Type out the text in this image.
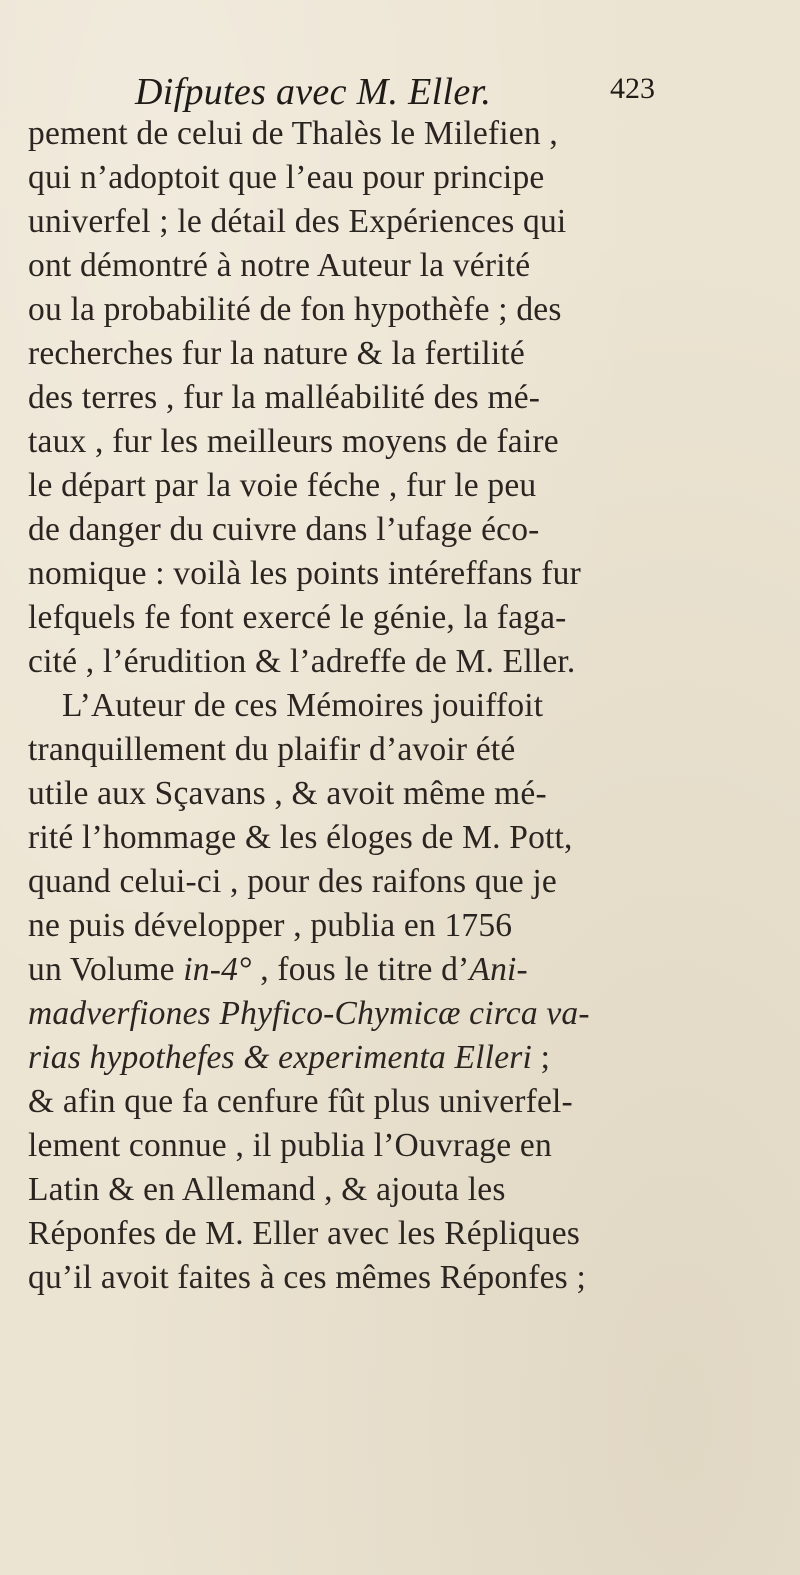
Difputes avec M. Eller.	423
pement de celui de Thalès le Milefien ,
qui n’adoptoit que l’eau pour principe
univerfel ; le détail des Expériences qui
ont démontré à notre Auteur la vérité
ou la probabilité de fon hypothèfe ; des
recherches fur la nature & la fertilité
des terres , fur la malléabilité des mé-
taux , fur les meilleurs moyens de faire
le départ par la voie féche , fur le peu
de danger du cuivre dans l’ufage éco-
nomique : voilà les points intéreffans fur
lefquels fe font exercé le génie, la faga-
cité , l’érudition & l’adreffe de M. Eller.
L’Auteur de ces Mémoires jouiffoit
tranquillement du plaifir d’avoir été
utile aux Sçavans , & avoit même mé-
rité l’hommage & les éloges de M. Pott,
quand celui-ci , pour des raifons que je
ne puis développer , publia en 1756
un Volume in-4° , fous le titre d’Ani-
madverfiones Phyfico-Chymicæ circa va-
rias hypothefes & experimenta Elleri ;
& afin que fa cenfure fût plus univerfel-
lement connue , il publia l’Ouvrage en
Latin & en Allemand , & ajouta les
Réponfes de M. Eller avec les Répliques
qu’il avoit faites à ces mêmes Réponfes ;
